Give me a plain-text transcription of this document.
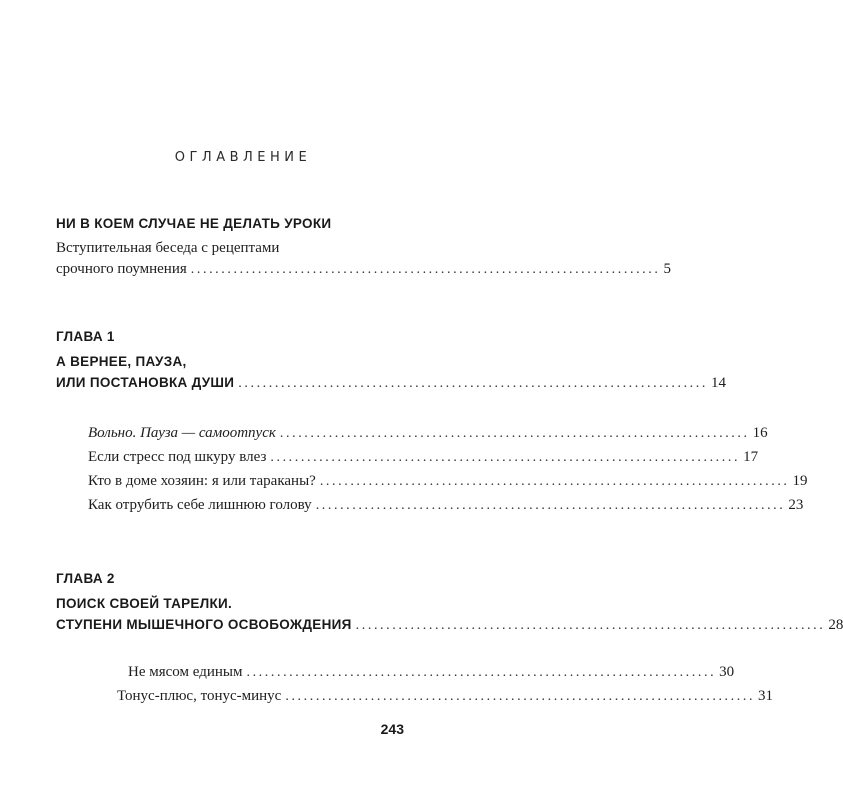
ОГЛАВЛЕНИЕ
НИ В КОЕМ СЛУЧАЕ НЕ ДЕЛАТЬ УРОКИ
Вступительная беседа с рецептами
срочного поумнения ............................................................................. 5
ГЛАВА 1
А ВЕРНЕЕ, ПАУЗА,
ИЛИ ПОСТАНОВКА ДУШИ ............................................................................. 14
Вольно. Пауза — самоотпуск ............................................................................. 16
Если стресс под шкуру влез ............................................................................. 17
Кто в доме хозяин: я или тараканы? ............................................................................. 19
Как отрубить себе лишнюю голову ............................................................................. 23
ГЛАВА 2
ПОИСК СВОЕЙ ТАРЕЛКИ.
СТУПЕНИ МЫШЕЧНОГО ОСВОБОЖДЕНИЯ ............................................................................. 28
Не мясом единым ............................................................................. 30
Тонус-плюс, тонус-минус ............................................................................. 31
243
